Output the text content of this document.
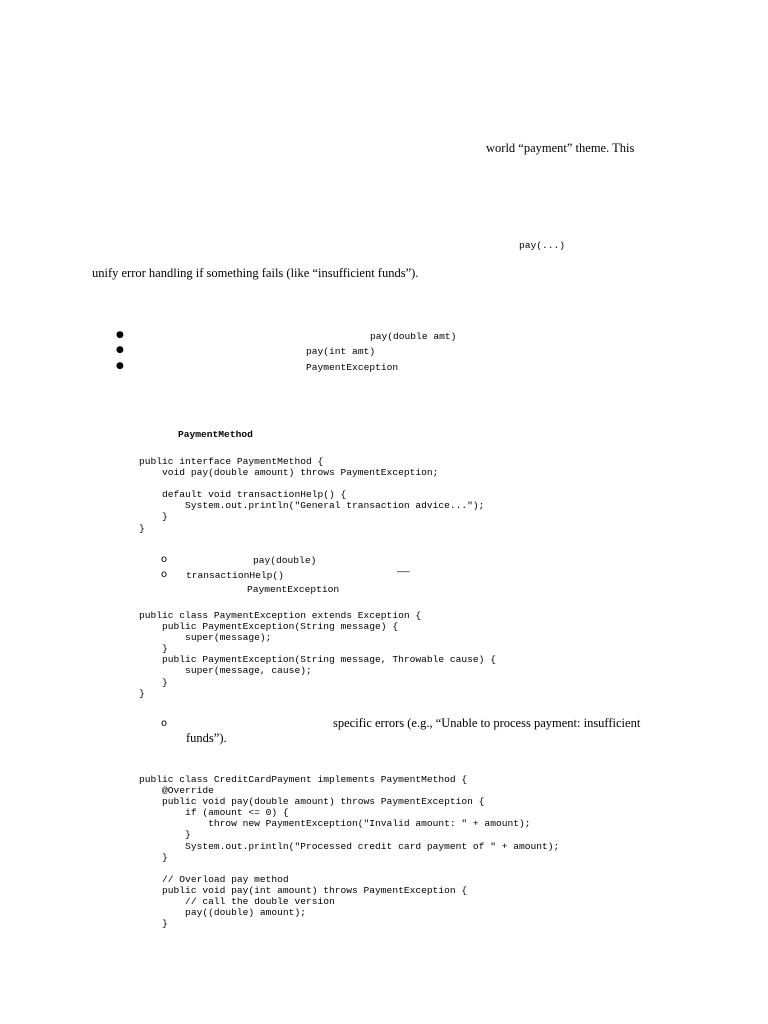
world “payment” theme. This
pay(...)
unify error handling if something fails (like “insufficient funds”).
●	pay(double amt)
●	pay(int amt)
●	PaymentException
PaymentMethod
public interface PaymentMethod {
void pay(double amount) throws PaymentException;

default void transactionHelp() {
System.out.println("General transaction advice...");
}
}
o	pay(double)
o transactionHelp()	—
PaymentException
public class PaymentException extends Exception {
public PaymentException(String message) {
super(message);
}
public PaymentException(String message, Throwable cause) {
super(message, cause);
}
}
o	specific errors (e.g., “Unable to process payment: insufficient
funds”).
public class CreditCardPayment implements PaymentMethod {
@Override
public void pay(double amount) throws PaymentException {
if (amount <= 0) {
throw new PaymentException("Invalid amount: " + amount);
}
System.out.println("Processed credit card payment of " + amount);
}

// Overload pay method
public void pay(int amount) throws PaymentException {
// call the double version
pay((double) amount);
}
